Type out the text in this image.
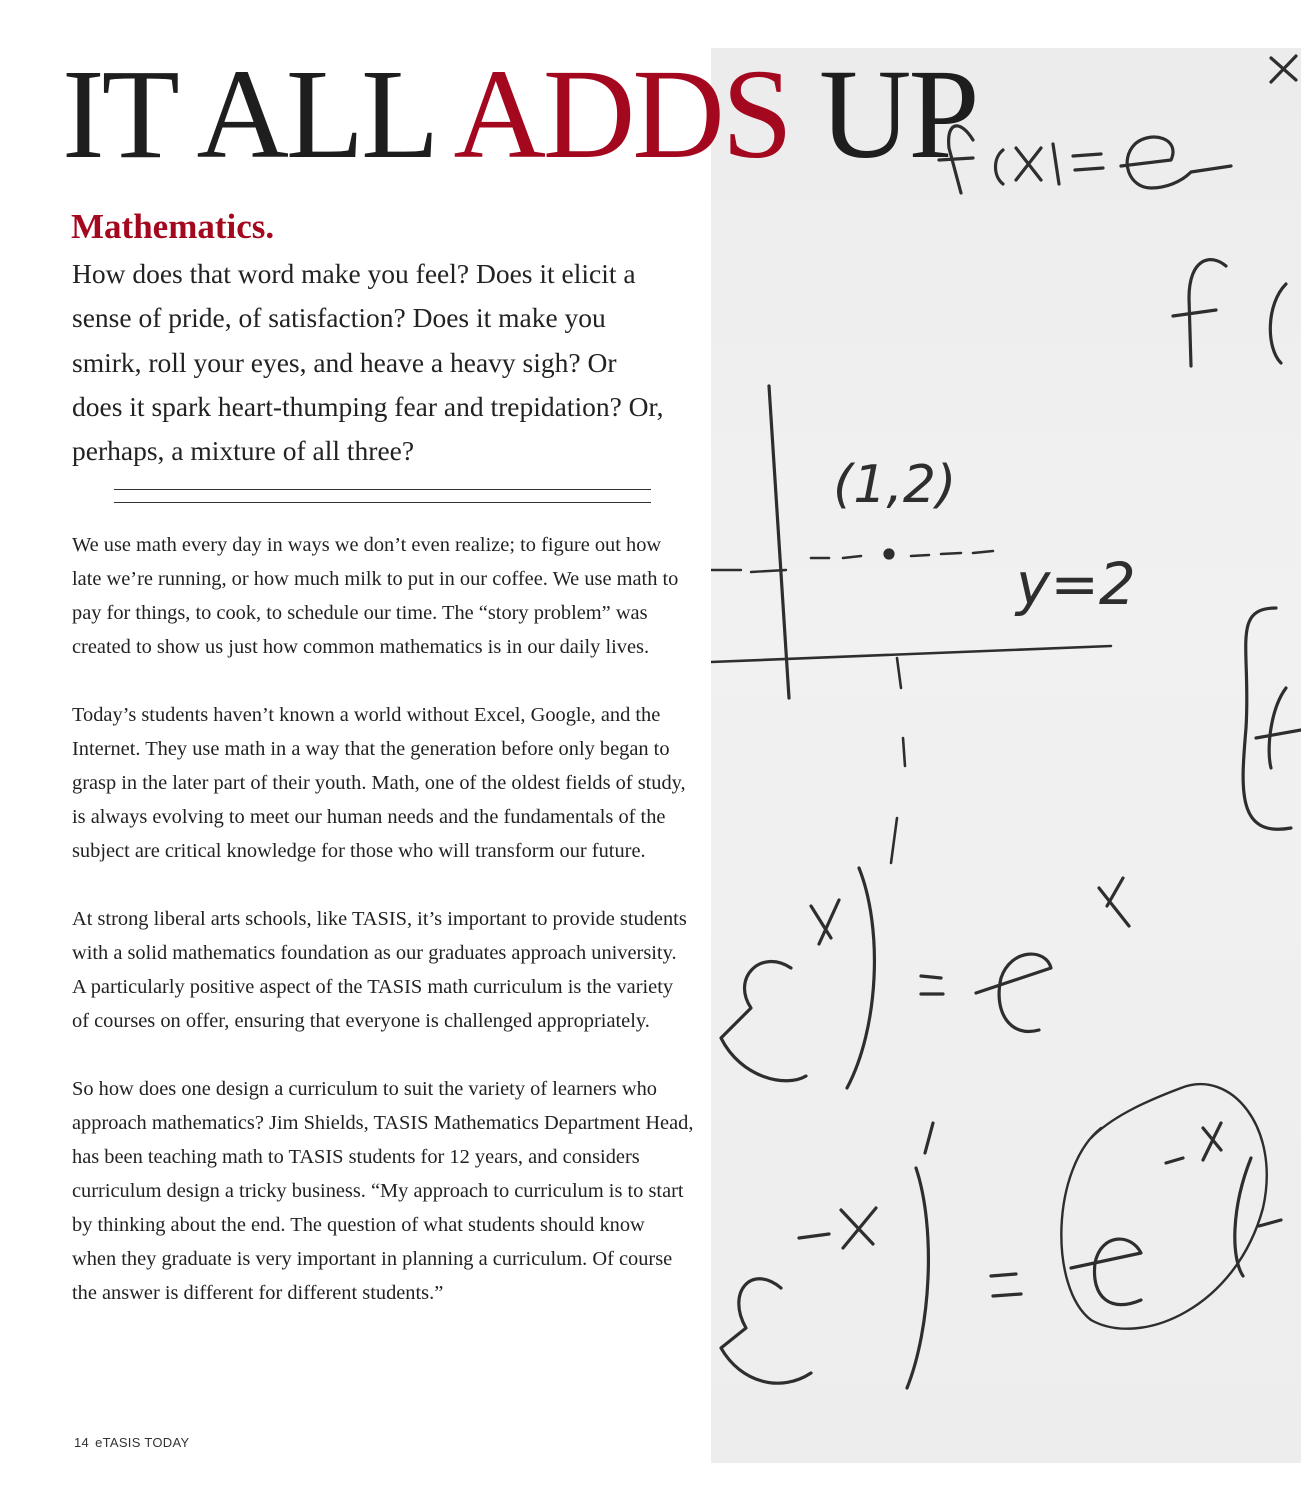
(1,2)
y=2
IT ALL ADDS UP
Mathematics.

How does that word make you feel? Does it elicit a sense of pride, of satisfaction? Does it make you smirk, roll your eyes, and heave a heavy sigh? Or does it spark heart-thumping fear and trepidation? Or, perhaps, a mixture of all three?

We use math every day in ways we don’t even realize; to figure out how late we’re running, or how much milk to put in our coffee. We use math to pay for things, to cook, to schedule our time. The “story problem” was created to show us just how common mathematics is in our daily lives.

Today’s students haven’t known a world without Excel, Google, and the Internet. They use math in a way that the generation before only began to grasp in the later part of their youth. Math, one of the oldest fields of study, is always evolving to meet our human needs and the fundamentals of the subject are critical knowledge for those who will transform our future.

At strong liberal arts schools, like TASIS, it’s important to provide students with a solid mathematics foundation as our graduates approach university. A particularly positive aspect of the TASIS math curriculum is the variety of courses on offer, ensuring that everyone is challenged appropriately.

So how does one design a curriculum to suit the variety of learners who approach mathematics? Jim Shields, TASIS Mathematics Department Head, has been teaching math to TASIS students for 12 years, and considers curriculum design a tricky business. “My approach to curriculum is to start by thinking about the end. The question of what students should know when they graduate is very important in planning a curriculum. Of course the answer is different for different students.”

14 eTASIS TODAY
